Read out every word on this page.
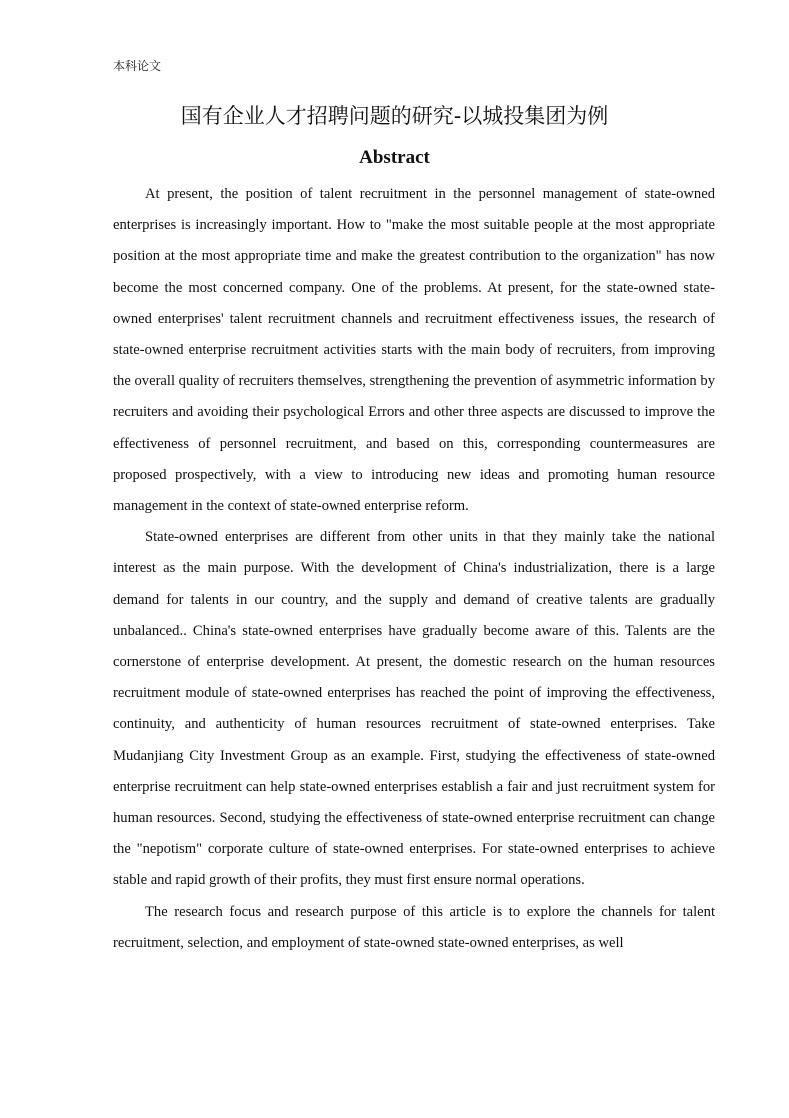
本科论文
国有企业人才招聘问题的研究-以城投集团为例
Abstract

At present, the position of talent recruitment in the personnel management of state-owned enterprises is increasingly important. How to "make the most suitable people at the most appropriate position at the most appropriate time and make the greatest contribution to the organization" has now become the most concerned company. One of the problems. At present, for the state-owned state-owned enterprises' talent recruitment channels and recruitment effectiveness issues, the research of state-owned enterprise recruitment activities starts with the main body of recruiters, from improving the overall quality of recruiters themselves, strengthening the prevention of asymmetric information by recruiters and avoiding their psychological Errors and other three aspects are discussed to improve the effectiveness of personnel recruitment, and based on this, corresponding countermeasures are proposed prospectively, with a view to introducing new ideas and promoting human resource management in the context of state-owned enterprise reform.

State-owned enterprises are different from other units in that they mainly take the national interest as the main purpose. With the development of China's industrialization, there is a large demand for talents in our country, and the supply and demand of creative talents are gradually unbalanced.. China's state-owned enterprises have gradually become aware of this. Talents are the cornerstone of enterprise development. At present, the domestic research on the human resources recruitment module of state-owned enterprises has reached the point of improving the effectiveness, continuity, and authenticity of human resources recruitment of state-owned enterprises. Take Mudanjiang City Investment Group as an example. First, studying the effectiveness of state-owned enterprise recruitment can help state-owned enterprises establish a fair and just recruitment system for human resources. Second, studying the effectiveness of state-owned enterprise recruitment can change the "nepotism" corporate culture of state-owned enterprises. For state-owned enterprises to achieve stable and rapid growth of their profits, they must first ensure normal operations.

The research focus and research purpose of this article is to explore the channels for talent recruitment, selection, and employment of state-owned state-owned enterprises, as well
